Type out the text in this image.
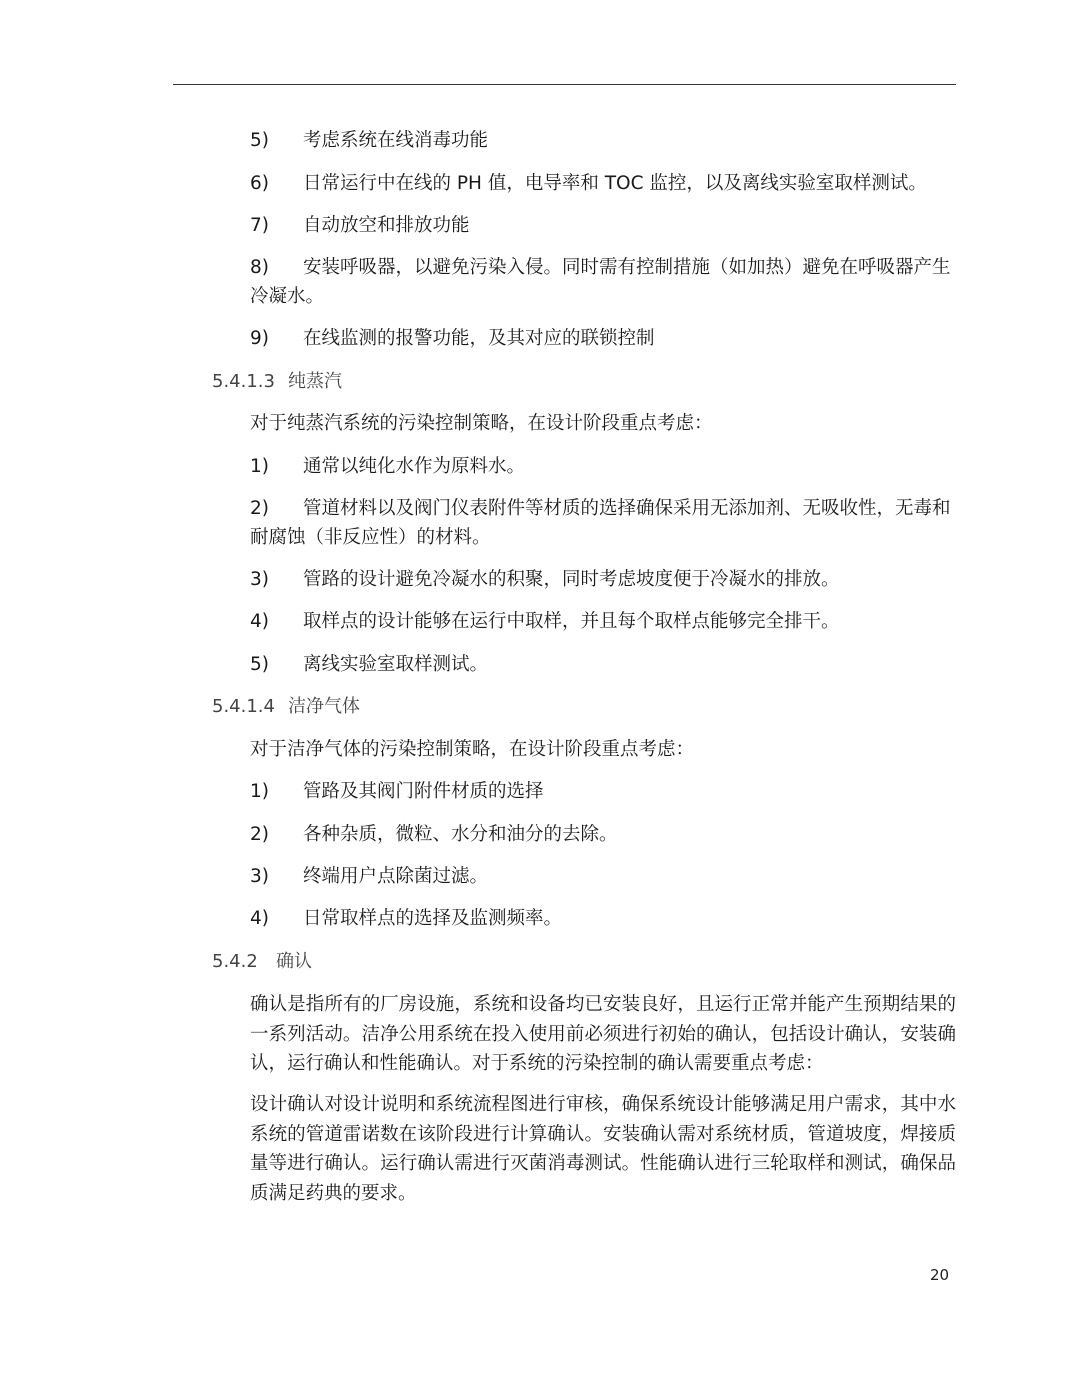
5) 考虑系统在线消毒功能
6) 日常运行中在线的 PH 值，电导率和 TOC 监控，以及离线实验室取样测试。
7) 自动放空和排放功能
8) 安装呼吸器，以避免污染入侵。同时需有控制措施（如加热）避免在呼吸器产生冷凝水。
9) 在线监测的报警功能，及其对应的联锁控制
5.4.1.3 纯蒸汽
对于纯蒸汽系统的污染控制策略，在设计阶段重点考虑：
1) 通常以纯化水作为原料水。
2) 管道材料以及阀门仪表附件等材质的选择确保采用无添加剂、无吸收性，无毒和耐腐蚀（非反应性）的材料。
3) 管路的设计避免冷凝水的积聚，同时考虑坡度便于冷凝水的排放。
4) 取样点的设计能够在运行中取样，并且每个取样点能够完全排干。
5) 离线实验室取样测试。
5.4.1.4 洁净气体
对于洁净气体的污染控制策略，在设计阶段重点考虑：
1) 管路及其阀门附件材质的选择
2) 各种杂质，微粒、水分和油分的去除。
3) 终端用户点除菌过滤。
4) 日常取样点的选择及监测频率。
5.4.2 确认
确认是指所有的厂房设施，系统和设备均已安装良好，且运行正常并能产生预期结果的一系列活动。洁净公用系统在投入使用前必须进行初始的确认，包括设计确认，安装确认，运行确认和性能确认。对于系统的污染控制的确认需要重点考虑：
设计确认对设计说明和系统流程图进行审核，确保系统设计能够满足用户需求，其中水系统的管道雷诺数在该阶段进行计算确认。安装确认需对系统材质，管道坡度，焊接质量等进行确认。运行确认需进行灭菌消毒测试。性能确认进行三轮取样和测试，确保品质满足药典的要求。
20
